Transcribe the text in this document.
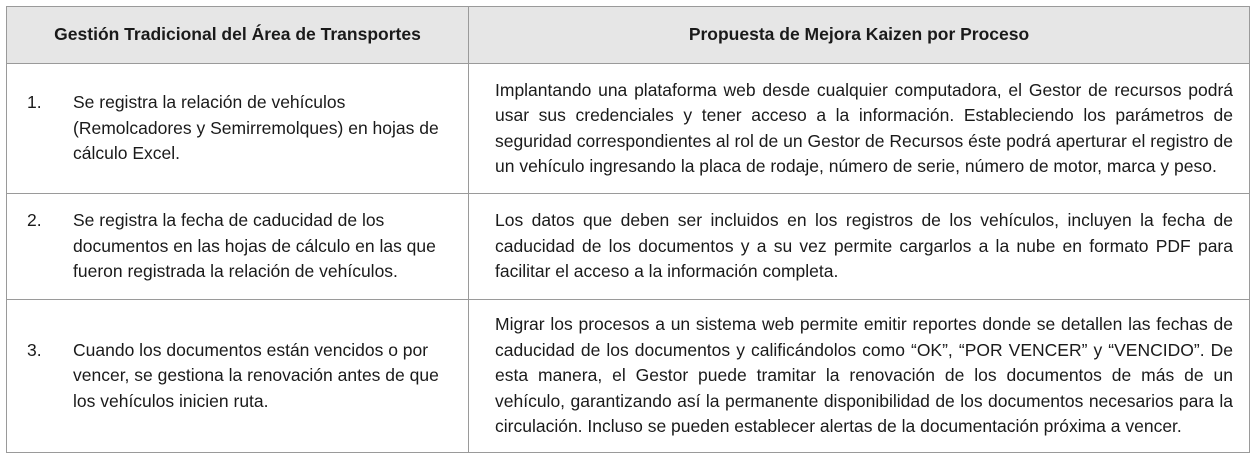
Gestión Tradicional del Área de Transportes	Propuesta de Mejora Kaizen por Proceso

1. Se registra la relación de vehículos (Remolcadores y Semirremolques) en hojas de cálculo Excel.	Implantando una plataforma web desde cualquier computadora, el Gestor de recursos podrá usar sus credenciales y tener acceso a la información. Estableciendo los parámetros de seguridad correspondientes al rol de un Gestor de Recursos éste podrá aperturar el registro de un vehículo ingresando la placa de rodaje, número de serie, número de motor, marca y peso.

2. Se registra la fecha de caducidad de los documentos en las hojas de cálculo en las que fueron registrada la relación de vehículos.	Los datos que deben ser incluidos en los registros de los vehículos, incluyen la fecha de caducidad de los documentos y a su vez permite cargarlos a la nube en formato PDF para facilitar el acceso a la información completa.

3. Cuando los documentos están vencidos o por vencer, se gestiona la renovación antes de que los vehículos inicien ruta.	Migrar los procesos a un sistema web permite emitir reportes donde se detallen las fechas de caducidad de los documentos y calificándolos como “OK”, “POR VENCER” y “VENCIDO”. De esta manera, el Gestor puede tramitar la renovación de los documentos de más de un vehículo, garantizando así la permanente disponibilidad de los documentos necesarios para la circulación. Incluso se pueden establecer alertas de la documentación próxima a vencer.
